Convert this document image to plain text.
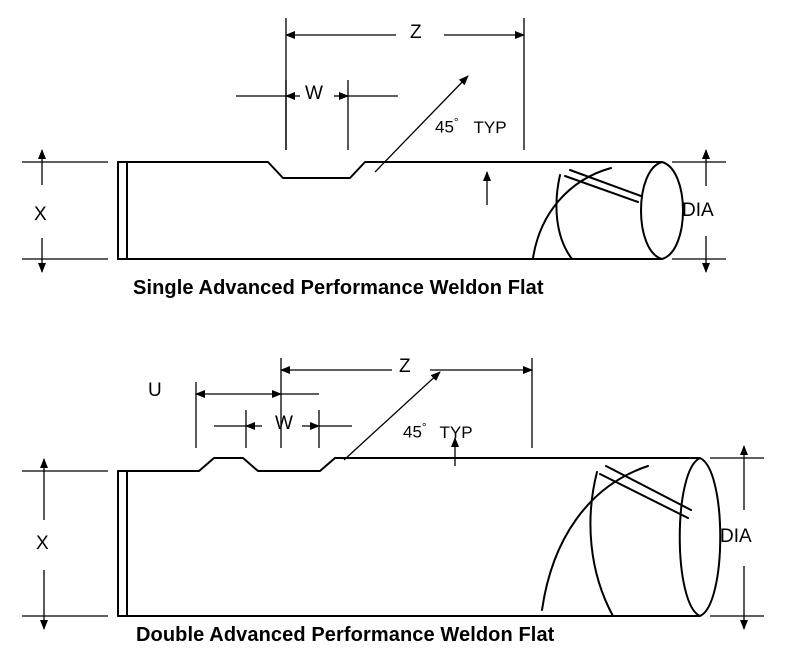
Z
W
45° TYP
X	DIA
Single Advanced Performance Weldon Flat
Z
U
W	45° TYP
X	DIA
Double Advanced Performance Weldon Flat
